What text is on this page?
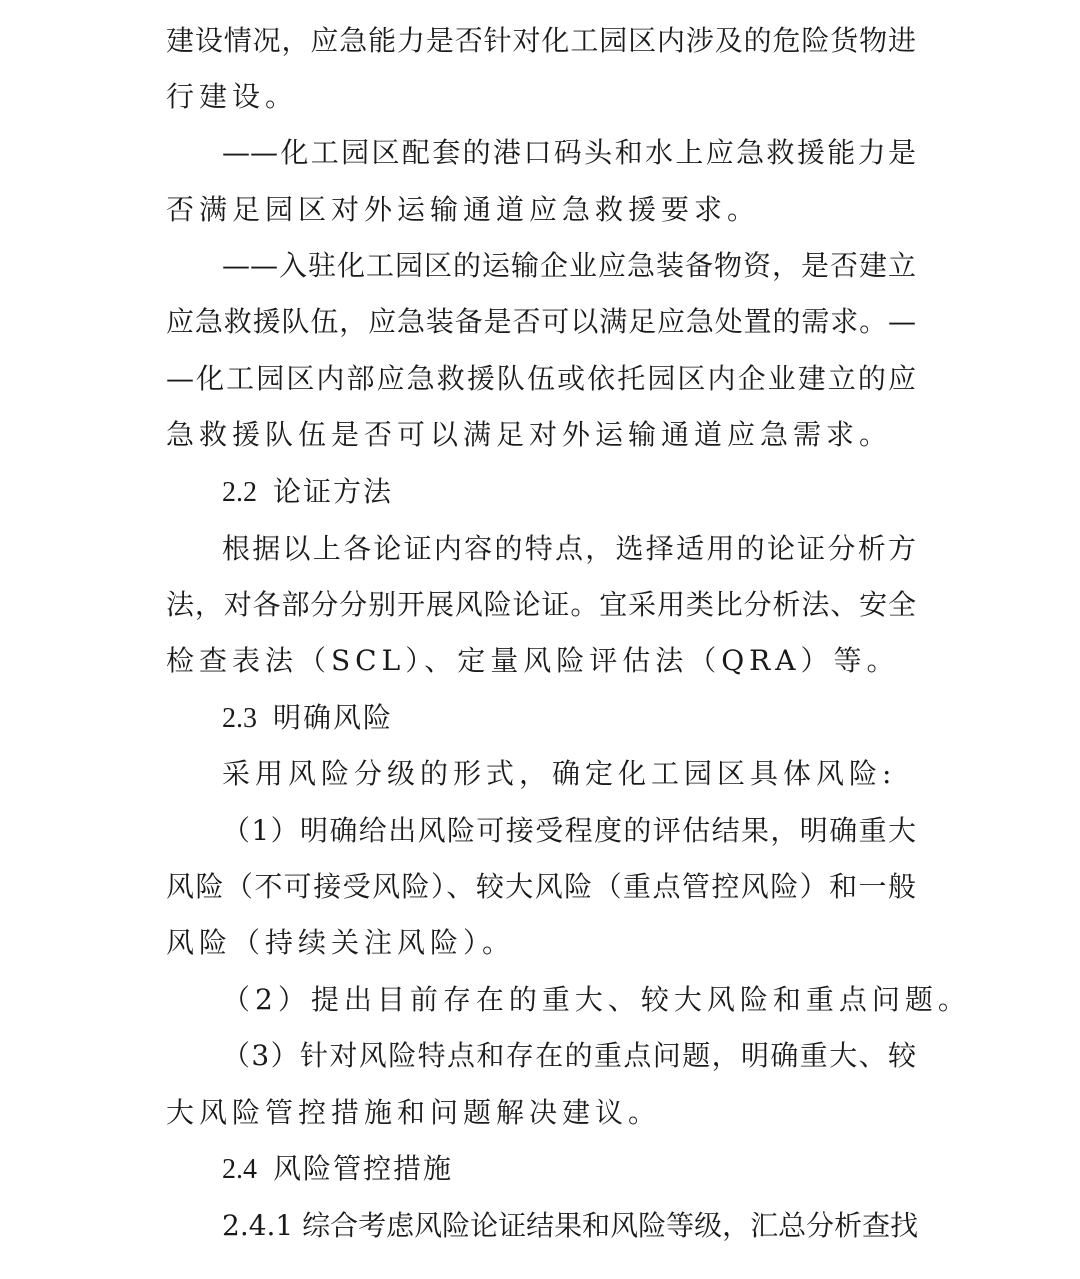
建设情况，应急能力是否针对化工园区内涉及的危险货物进
行建设。
——化工园区配套的港口码头和水上应急救援能力是
否满足园区对外运输通道应急救援要求。
——入驻化工园区的运输企业应急装备物资，是否建立
应急救援队伍，应急装备是否可以满足应急处置的需求。—
—化工园区内部应急救援队伍或依托园区内企业建立的应
急救援队伍是否可以满足对外运输通道应急需求。
2.2 论证方法
根据以上各论证内容的特点，选择适用的论证分析方
法，对各部分分别开展风险论证。宜采用类比分析法、安全
检查表法（SCL）、定量风险评估法（QRA）等。
2.3 明确风险
采用风险分级的形式，确定化工园区具体风险:
（1）明确给出风险可接受程度的评估结果，明确重大
风险（不可接受风险）、较大风险（重点管控风险）和一般
风险（持续关注风险）。
（2）提出目前存在的重大、较大风险和重点问题。
（3）针对风险特点和存在的重点问题，明确重大、较
大风险管控措施和问题解决建议。
2.4 风险管控措施
2.4.1 综合考虑风险论证结果和风险等级，汇总分析查找
